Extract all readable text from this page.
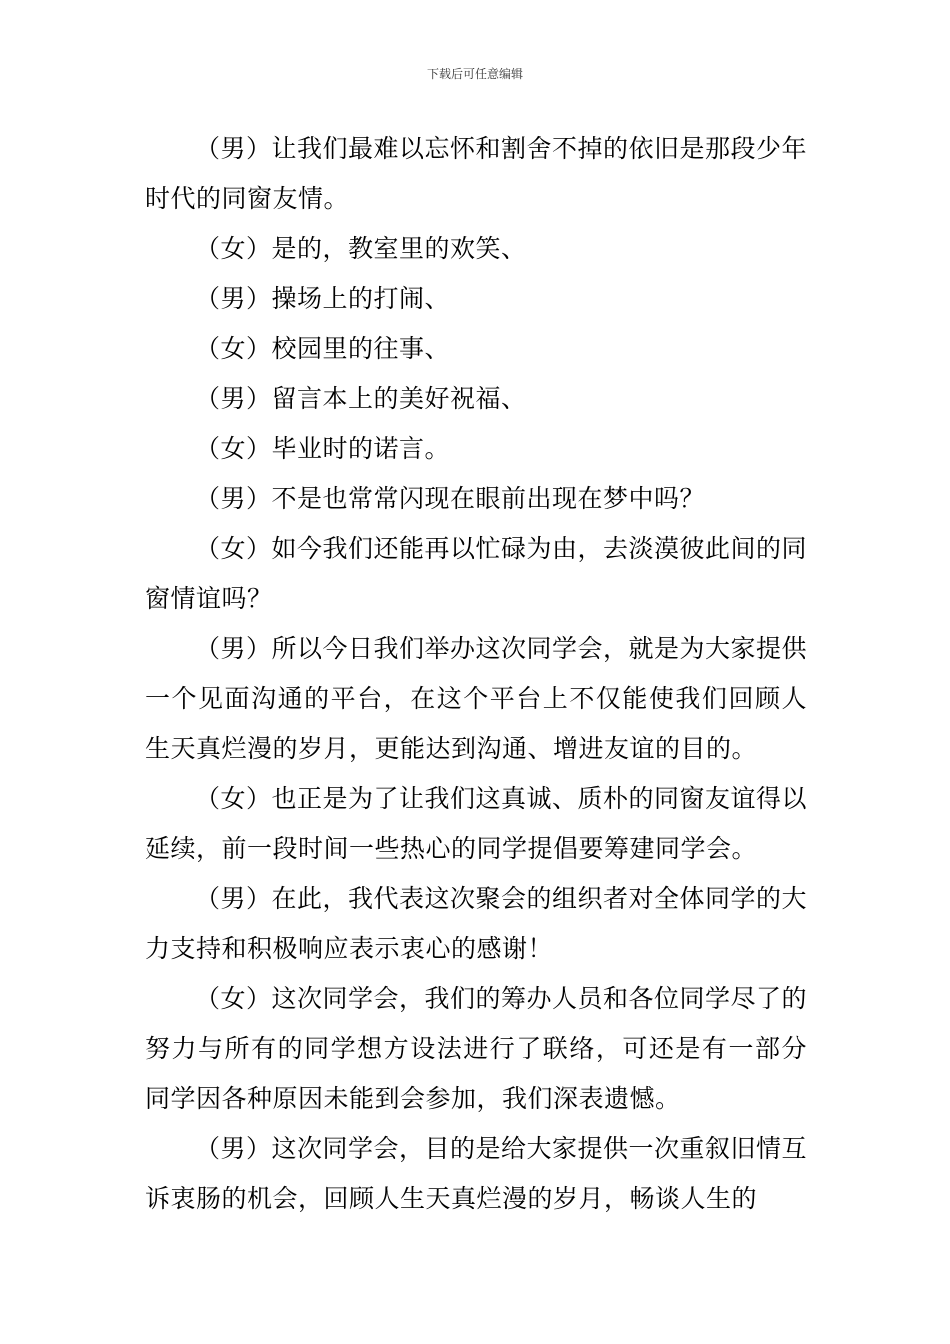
下载后可任意编辑

（男）让我们最难以忘怀和割舍不掉的依旧是那段少年时代的同窗友情。

（女）是的，教室里的欢笑、

（男）操场上的打闹、

（女）校园里的往事、

（男）留言本上的美好祝福、

（女）毕业时的诺言。

（男）不是也常常闪现在眼前出现在梦中吗？

（女）如今我们还能再以忙碌为由，去淡漠彼此间的同窗情谊吗？

（男）所以今日我们举办这次同学会，就是为大家提供一个见面沟通的平台，在这个平台上不仅能使我们回顾人生天真烂漫的岁月，更能达到沟通、增进友谊的目的。

（女）也正是为了让我们这真诚、质朴的同窗友谊得以延续，前一段时间一些热心的同学提倡要筹建同学会。

（男）在此，我代表这次聚会的组织者对全体同学的大力支持和积极响应表示衷心的感谢！

（女）这次同学会，我们的筹办人员和各位同学尽了的努力与所有的同学想方设法进行了联络，可还是有一部分同学因各种原因未能到会参加，我们深表遗憾。

（男）这次同学会，目的是给大家提供一次重叙旧情互诉衷肠的机会，回顾人生天真烂漫的岁月，畅谈人生的
